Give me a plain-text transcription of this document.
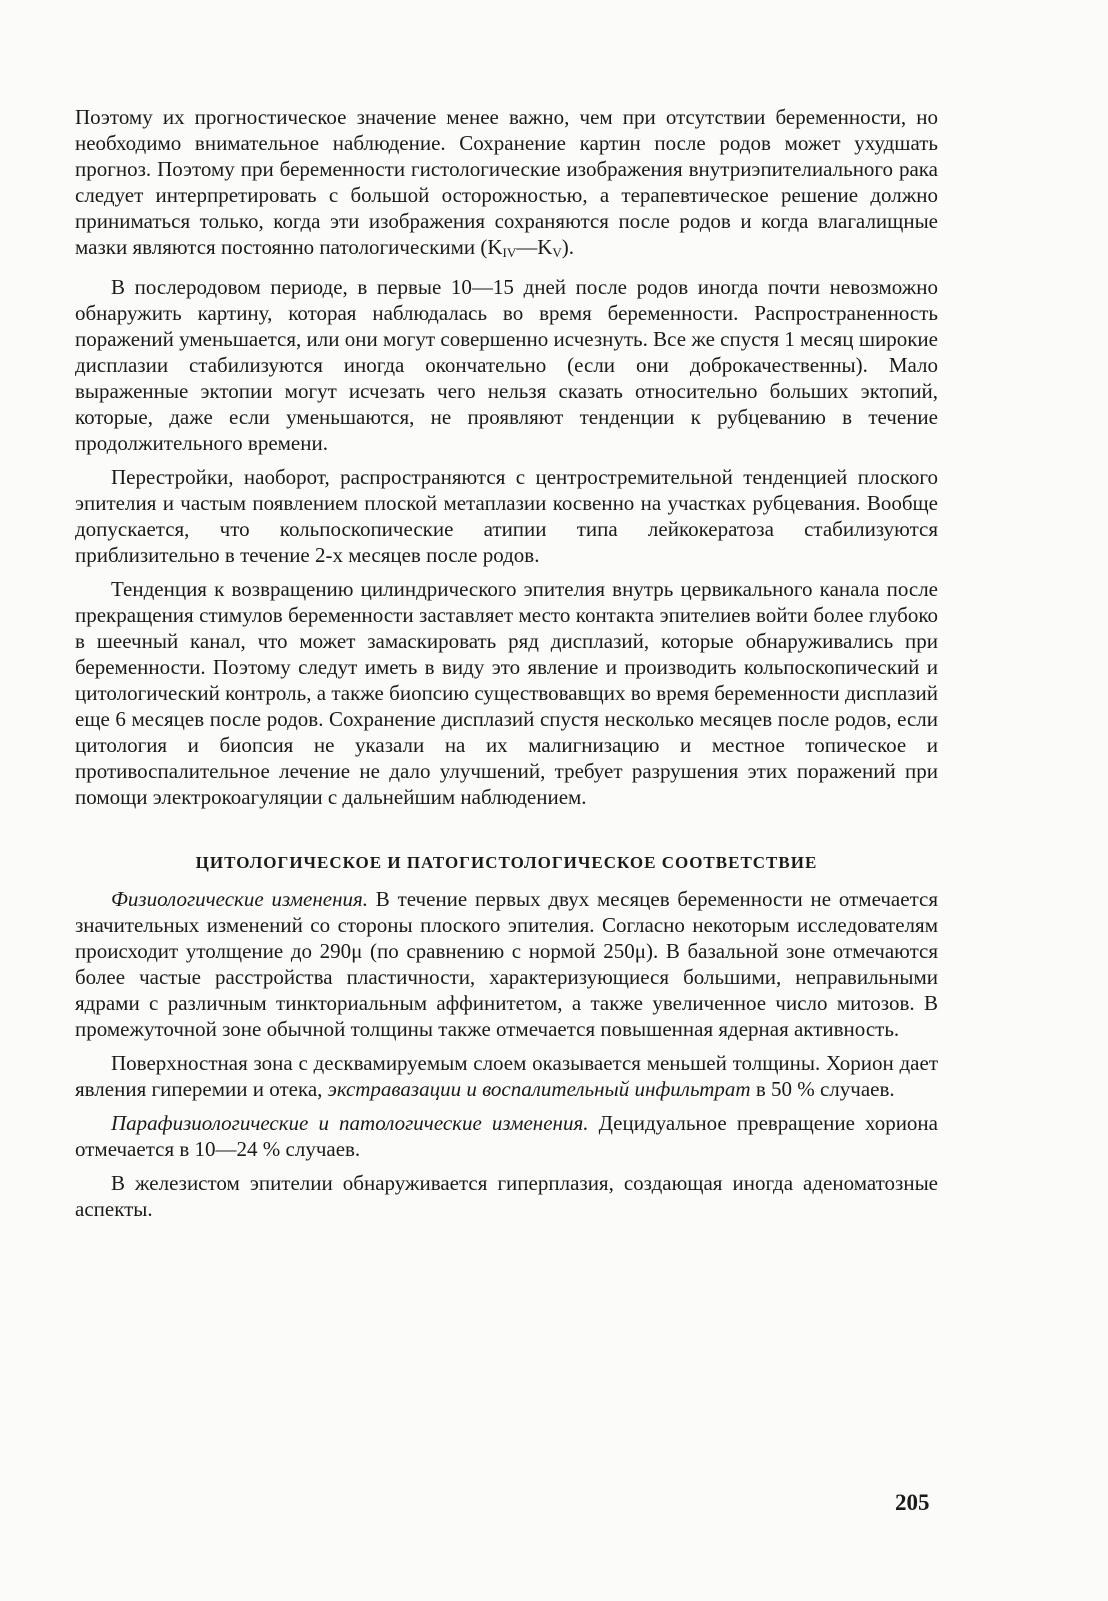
Поэтому их прогностическое значение менее важно, чем при отсутствии беременности, но необходимо внимательное наблюдение. Сохранение картин после родов может ухудшать прогноз. Поэтому при беременности гистологические изображения внутриэпителиального рака следует интерпретировать с большой осторожностью, а терапевтическое решение должно приниматься только, когда эти изображения сохраняются после родов и когда влагалищные мазки являются постоянно патологическими $(K_{IV}—K_V)$.

В послеродовом периоде, в первые 10—15 дней после родов иногда почти невозможно обнаружить картину, которая наблюдалась во время беременности. Распространенность поражений уменьшается, или они могут совершенно исчезнуть. Все же спустя 1 месяц широкие дисплазии стабилизуются иногда окончательно (если они доброкачественны). Мало выраженные эктопии могут исчезать чего нельзя сказать относительно больших эктопий, которые, даже если уменьшаются, не проявляют тенденции к рубцеванию в течение продолжительного времени.

Перестройки, наоборот, распространяются с центростремительной тенденцией плоского эпителия и частым появлением плоской метаплазии косвенно на участках рубцевания. Вообще допускается, что кольпоскопические атипии типа лейкокератоза стабилизуются приблизительно в течение 2-х месяцев после родов.

Тенденция к возвращению цилиндрического эпителия внутрь цервикального канала после прекращения стимулов беременности заставляет место контакта эпителиев войти более глубоко в шеечный канал, что может замаскировать ряд дисплазий, которые обнаруживались при беременности. Поэтому следут иметь в виду это явление и производить кольпоскопический и цитологический контроль, а также биопсию существовавщих во время беременности дисплазий еще 6 месяцев после родов. Сохранение дисплазий спустя несколько месяцев после родов, если цитология и биопсия не указали на их малигнизацию и местное топическое и противоспалительное лечение не дало улучшений, требует разрушения этих поражений при помощи электрокоагуляции с дальнейшим наблюдением.

ЦИТОЛОГИЧЕСКОЕ И ПАТОГИСТОЛОГИЧЕСКОЕ СООТВЕТСТВИЕ

Физиологические изменения. В течение первых двух месяцев беременности не отмечается значительных изменений со стороны плоского эпителия. Согласно некоторым исследователям происходит утолщение до 290μ (по сравнению с нормой 250μ). В базальной зоне отмечаются более частые расстройства пластичности, характеризующиеся большими, неправильными ядрами с различным тинкториальным аффинитетом, а также увеличенное число митозов. В промежуточной зоне обычной толщины также отмечается повышенная ядерная активность.

Поверхностная зона с десквамируемым слоем оказывается меньшей толщины. Хорион дает явления гиперемии и отека, экстравазации и воспалительный инфильтрат в 50 % случаев.

Парафизиологические и патологические изменения. Децидуальное превращение хориона отмечается в 10—24 % случаев.

В железистом эпителии обнаруживается гиперплазия, создающая иногда аденоматозные аспекты.

205
